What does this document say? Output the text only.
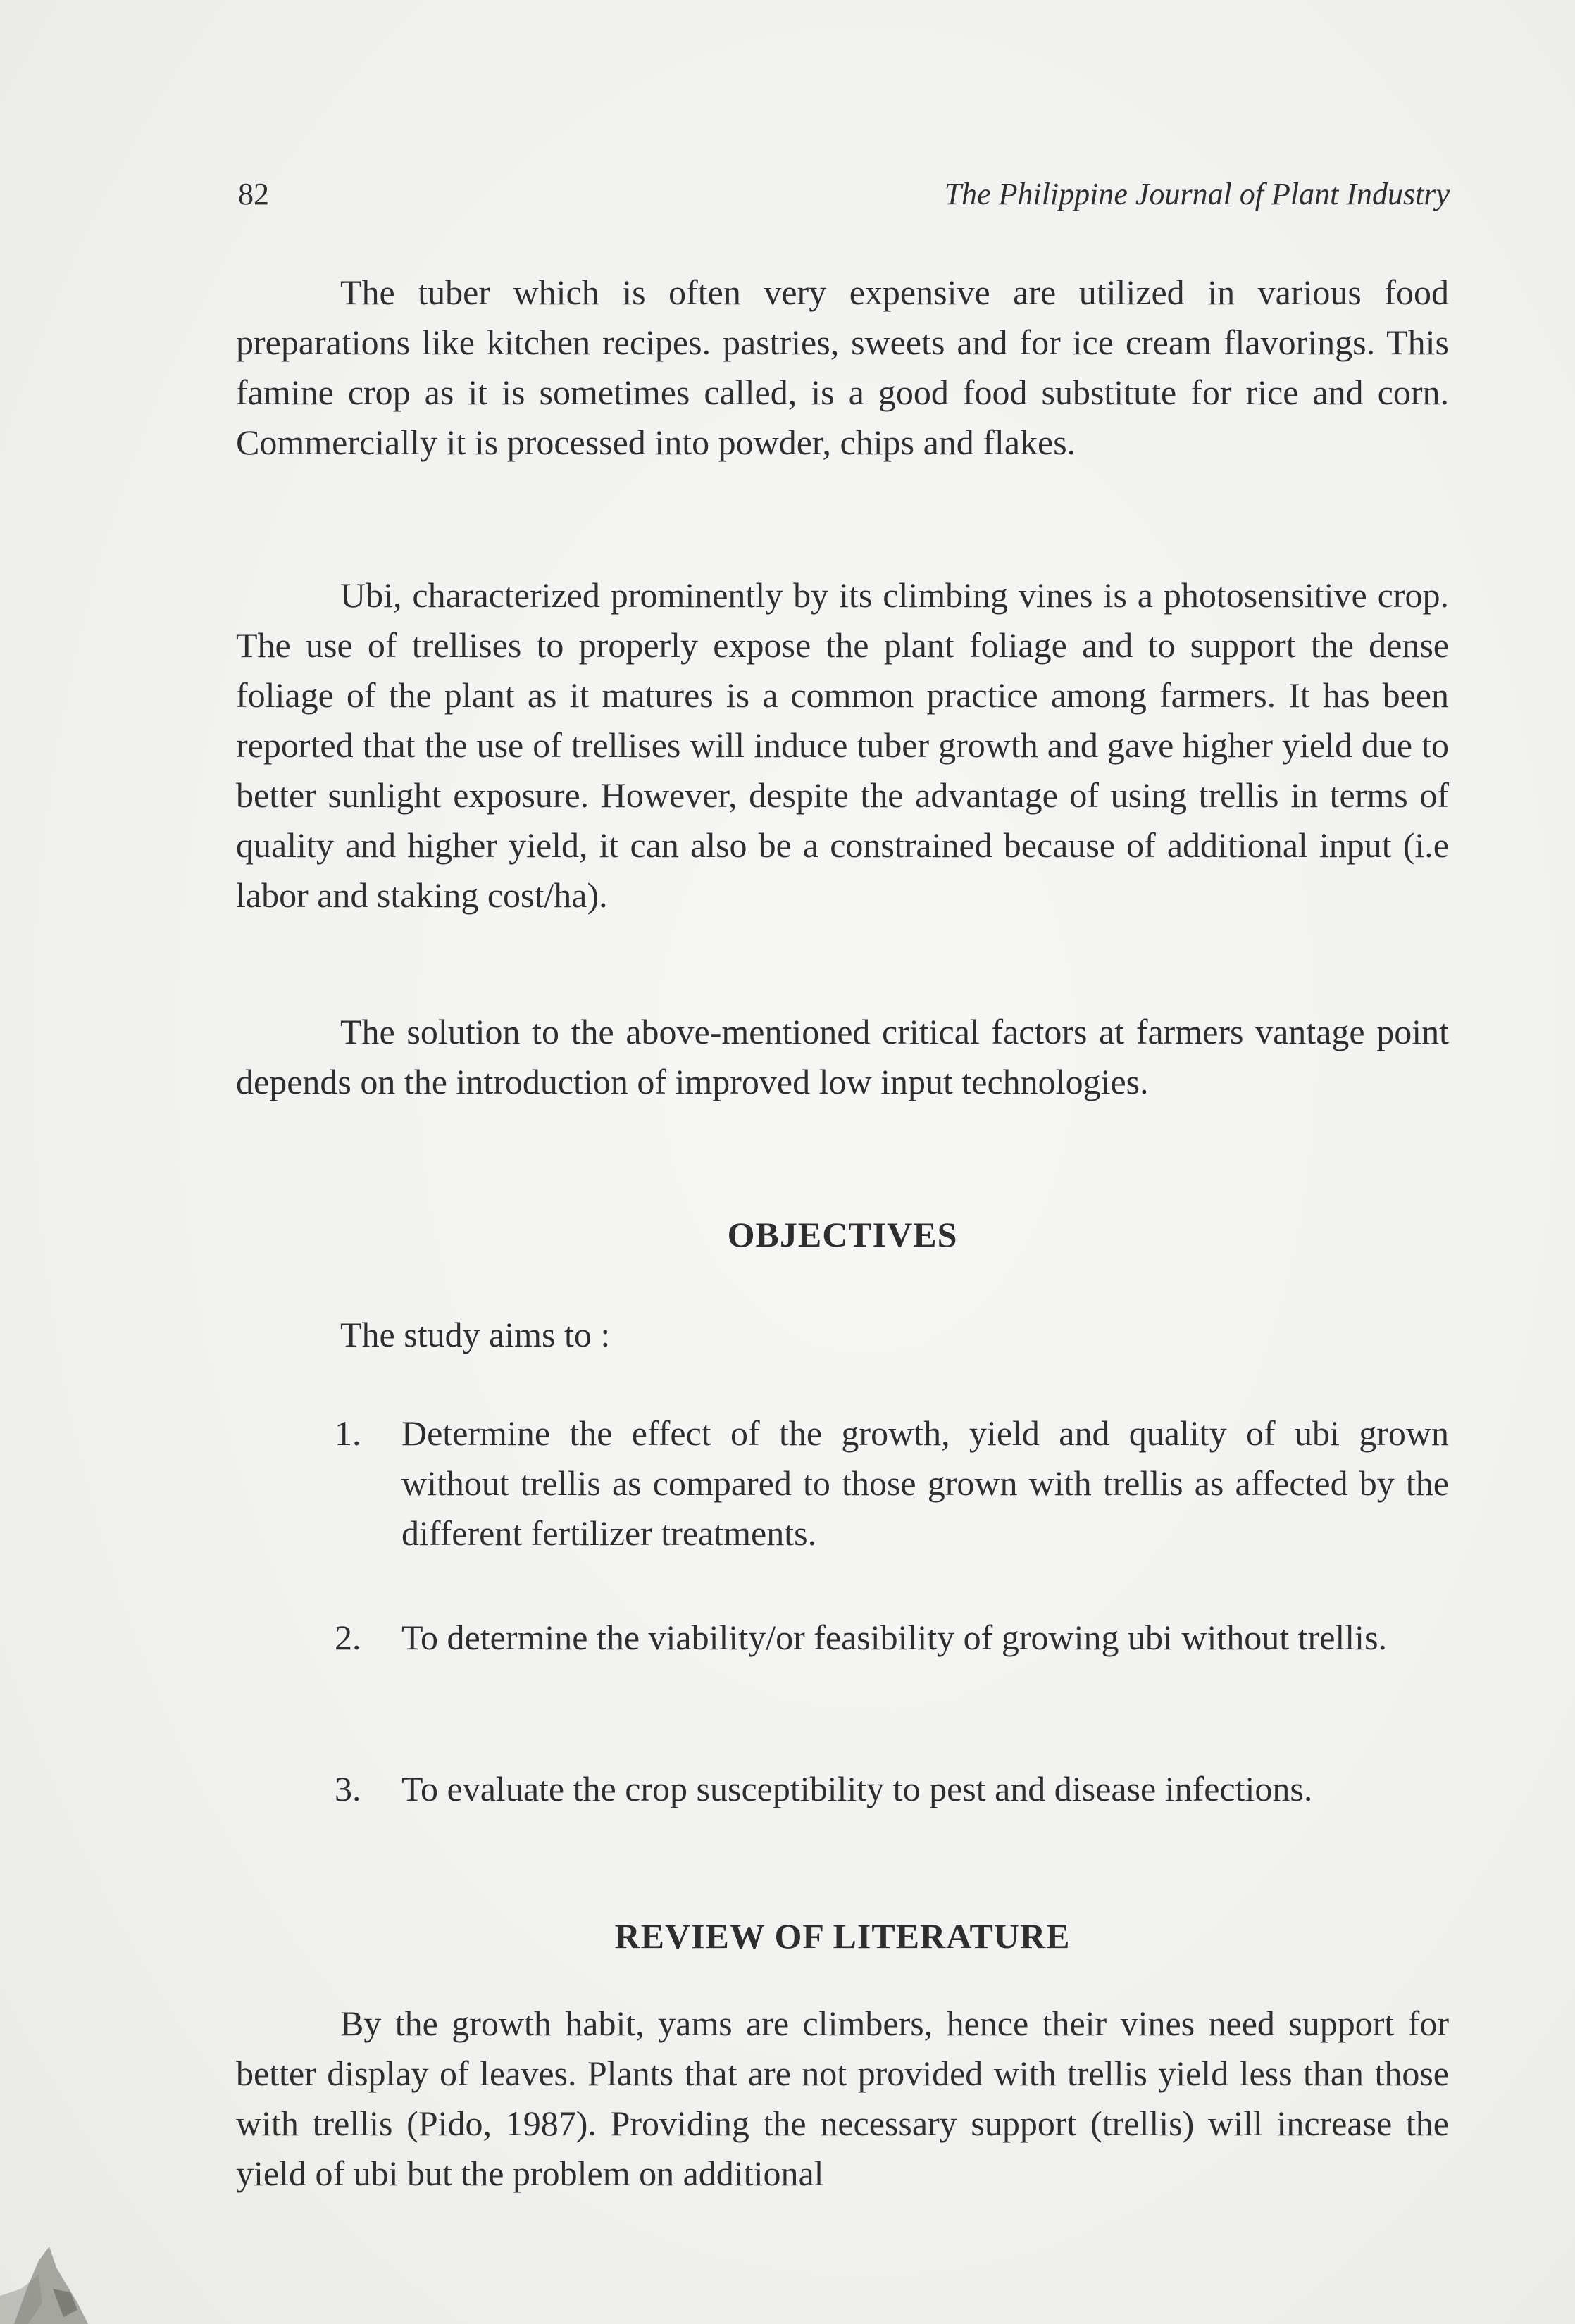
82	The Philippine Journal of Plant Industry

The tuber which is often very expensive are utilized in various food preparations like kitchen recipes. pastries, sweets and for ice cream flavorings. This famine crop as it is sometimes called, is a good food substitute for rice and corn. Commercially it is processed into powder, chips and flakes.

Ubi, characterized prominently by its climbing vines is a photosensitive crop. The use of trellises to properly expose the plant foliage and to support the dense foliage of the plant as it matures is a common practice among farmers. It has been reported that the use of trellises will induce tuber growth and gave higher yield due to better sunlight exposure. However, despite the advantage of using trellis in terms of quality and higher yield, it can also be a constrained because of additional input (i.e labor and staking cost/ha).

The solution to the above-mentioned critical factors at farmers vantage point depends on the introduction of improved low input technologies.

OBJECTIVES
The study aims to :
1. Determine the effect of the growth, yield and quality of ubi grown without trellis as compared to those grown with trellis as affected by the different fertilizer treatments.
2. To determine the viability/or feasibility of growing ubi without trellis.
3. To evaluate the crop susceptibility to pest and disease infections.
REVIEW OF LITERATURE

By the growth habit, yams are climbers, hence their vines need support for better display of leaves. Plants that are not provided with trellis yield less than those with trellis (Pido, 1987). Providing the necessary support (trellis) will increase the yield of ubi but the problem on additional
